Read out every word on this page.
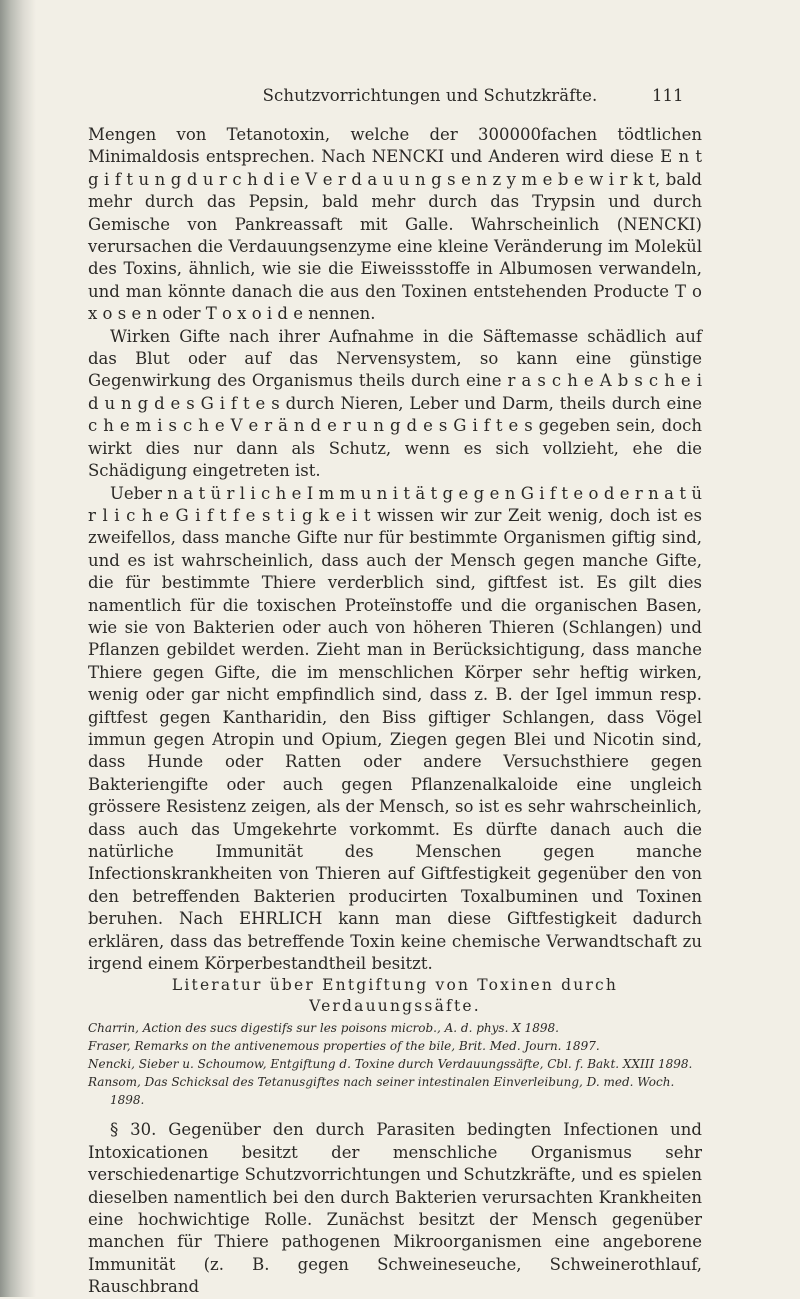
Schutzvorrichtungen und Schutzkräfte.	111

Mengen von Tetanotoxin, welche der 300000fachen tödtlichen Minimaldosis entsprechen. Nach NENCKI und Anderen wird diese E n t g i f t u n g d u r c h d i e V e r d a u u n g s e n z y m e b e w i r k t, bald mehr durch das Pepsin, bald mehr durch das Trypsin und durch Gemische von Pankreassaft mit Galle. Wahrscheinlich (NENCKI) verursachen die Verdauungsenzyme eine kleine Veränderung im Molekül des Toxins, ähnlich, wie sie die Eiweissstoffe in Albumosen verwandeln, und man könnte danach die aus den Toxinen entstehenden Producte T o x o s e n oder T o x o i d e nennen.

Wirken Gifte nach ihrer Aufnahme in die Säftemasse schädlich auf das Blut oder auf das Nervensystem, so kann eine günstige Gegenwirkung des Organismus theils durch eine r a s c h e A b s c h e i d u n g d e s G i f t e s durch Nieren, Leber und Darm, theils durch eine c h e m i s c h e V e r ä n d e r u n g d e s G i f t e s gegeben sein, doch wirkt dies nur dann als Schutz, wenn es sich vollzieht, ehe die Schädigung eingetreten ist.

Ueber n a t ü r l i c h e I m m u n i t ä t g e g e n G i f t e o d e r n a t ü r l i c h e G i f t f e s t i g k e i t wissen wir zur Zeit wenig, doch ist es zweifellos, dass manche Gifte nur für bestimmte Organismen giftig sind, und es ist wahrscheinlich, dass auch der Mensch gegen manche Gifte, die für bestimmte Thiere verderblich sind, giftfest ist. Es gilt dies namentlich für die toxischen Proteïnstoffe und die organischen Basen, wie sie von Bakterien oder auch von höheren Thieren (Schlangen) und Pflanzen gebildet werden. Zieht man in Berücksichtigung, dass manche Thiere gegen Gifte, die im menschlichen Körper sehr heftig wirken, wenig oder gar nicht empfindlich sind, dass z. B. der Igel immun resp. giftfest gegen Kantharidin, den Biss giftiger Schlangen, dass Vögel immun gegen Atropin und Opium, Ziegen gegen Blei und Nicotin sind, dass Hunde oder Ratten oder andere Versuchsthiere gegen Bakteriengifte oder auch gegen Pflanzenalkaloide eine ungleich grössere Resistenz zeigen, als der Mensch, so ist es sehr wahrscheinlich, dass auch das Umgekehrte vorkommt. Es dürfte danach auch die natürliche Immunität des Menschen gegen manche Infectionskrankheiten von Thieren auf Giftfestigkeit gegenüber den von den betreffenden Bakterien producirten Toxalbuminen und Toxinen beruhen. Nach EHRLICH kann man diese Giftfestigkeit dadurch erklären, dass das betreffende Toxin keine chemische Verwandtschaft zu irgend einem Körperbestandtheil besitzt.

Literatur über Entgiftung von Toxinen durch Verdauungssäfte.

Charrin, Action des sucs digestifs sur les poisons microb., A. d. phys. X 1898.
Fraser, Remarks on the antivenemous properties of the bile, Brit. Med. Journ. 1897.
Nencki, Sieber u. Schoumow, Entgiftung d. Toxine durch Verdauungssäfte, Cbl. f. Bakt. XXIII 1898.
Ransom, Das Schicksal des Tetanusgiftes nach seiner intestinalen Einverleibung, D. med. Woch. 1898.

§ 30. Gegenüber den durch Parasiten bedingten Infectionen und Intoxicationen besitzt der menschliche Organismus sehr verschiedenartige Schutzvorrichtungen und Schutzkräfte, und es spielen dieselben namentlich bei den durch Bakterien verursachten Krankheiten eine hochwichtige Rolle. Zunächst besitzt der Mensch gegenüber manchen für Thiere pathogenen Mikroorganismen eine angeborene Immunität (z. B. gegen Schweineseuche, Schweinerothlauf, Rauschbrand
